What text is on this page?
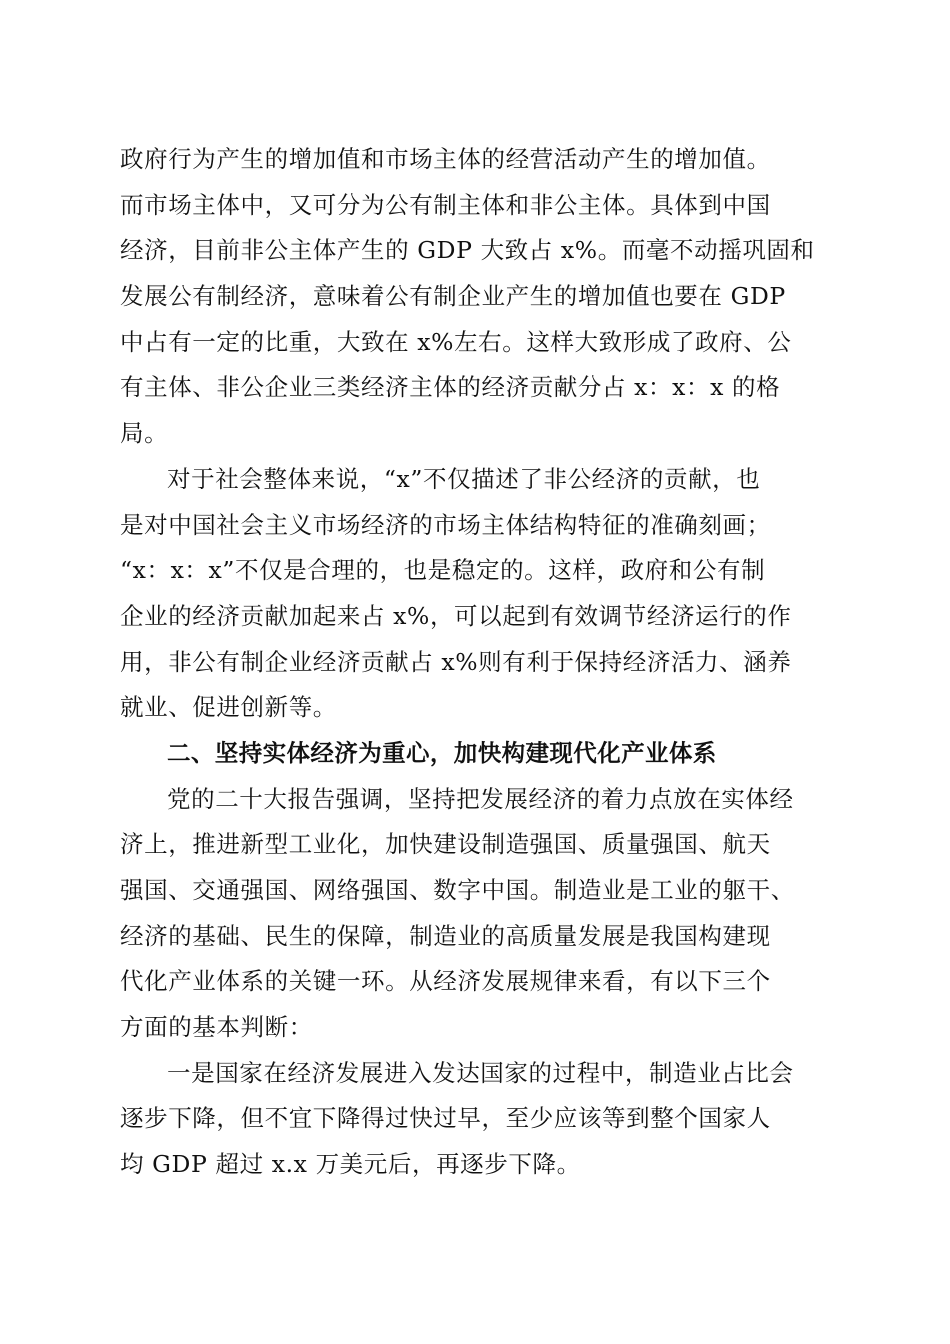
政府行为产生的增加值和市场主体的经营活动产生的增加值。
而市场主体中，又可分为公有制主体和非公主体。具体到中国
经济，目前非公主体产生的 GDP 大致占 x%。而毫不动摇巩固和
发展公有制经济，意味着公有制企业产生的增加值也要在 GDP
中占有一定的比重，大致在 x%左右。这样大致形成了政府、公
有主体、非公企业三类经济主体的经济贡献分占 x：x：x 的格
局。
对于社会整体来说，“x”不仅描述了非公经济的贡献，也
是对中国社会主义市场经济的市场主体结构特征的准确刻画；
“x：x：x”不仅是合理的，也是稳定的。这样，政府和公有制
企业的经济贡献加起来占 x%，可以起到有效调节经济运行的作
用，非公有制企业经济贡献占 x%则有利于保持经济活力、涵养
就业、促进创新等。
二、坚持实体经济为重心，加快构建现代化产业体系
党的二十大报告强调，坚持把发展经济的着力点放在实体经
济上，推进新型工业化，加快建设制造强国、质量强国、航天
强国、交通强国、网络强国、数字中国。制造业是工业的躯干、
经济的基础、民生的保障，制造业的高质量发展是我国构建现
代化产业体系的关键一环。从经济发展规律来看，有以下三个
方面的基本判断：
一是国家在经济发展进入发达国家的过程中，制造业占比会
逐步下降，但不宜下降得过快过早，至少应该等到整个国家人
均 GDP 超过 x.x 万美元后，再逐步下降。
